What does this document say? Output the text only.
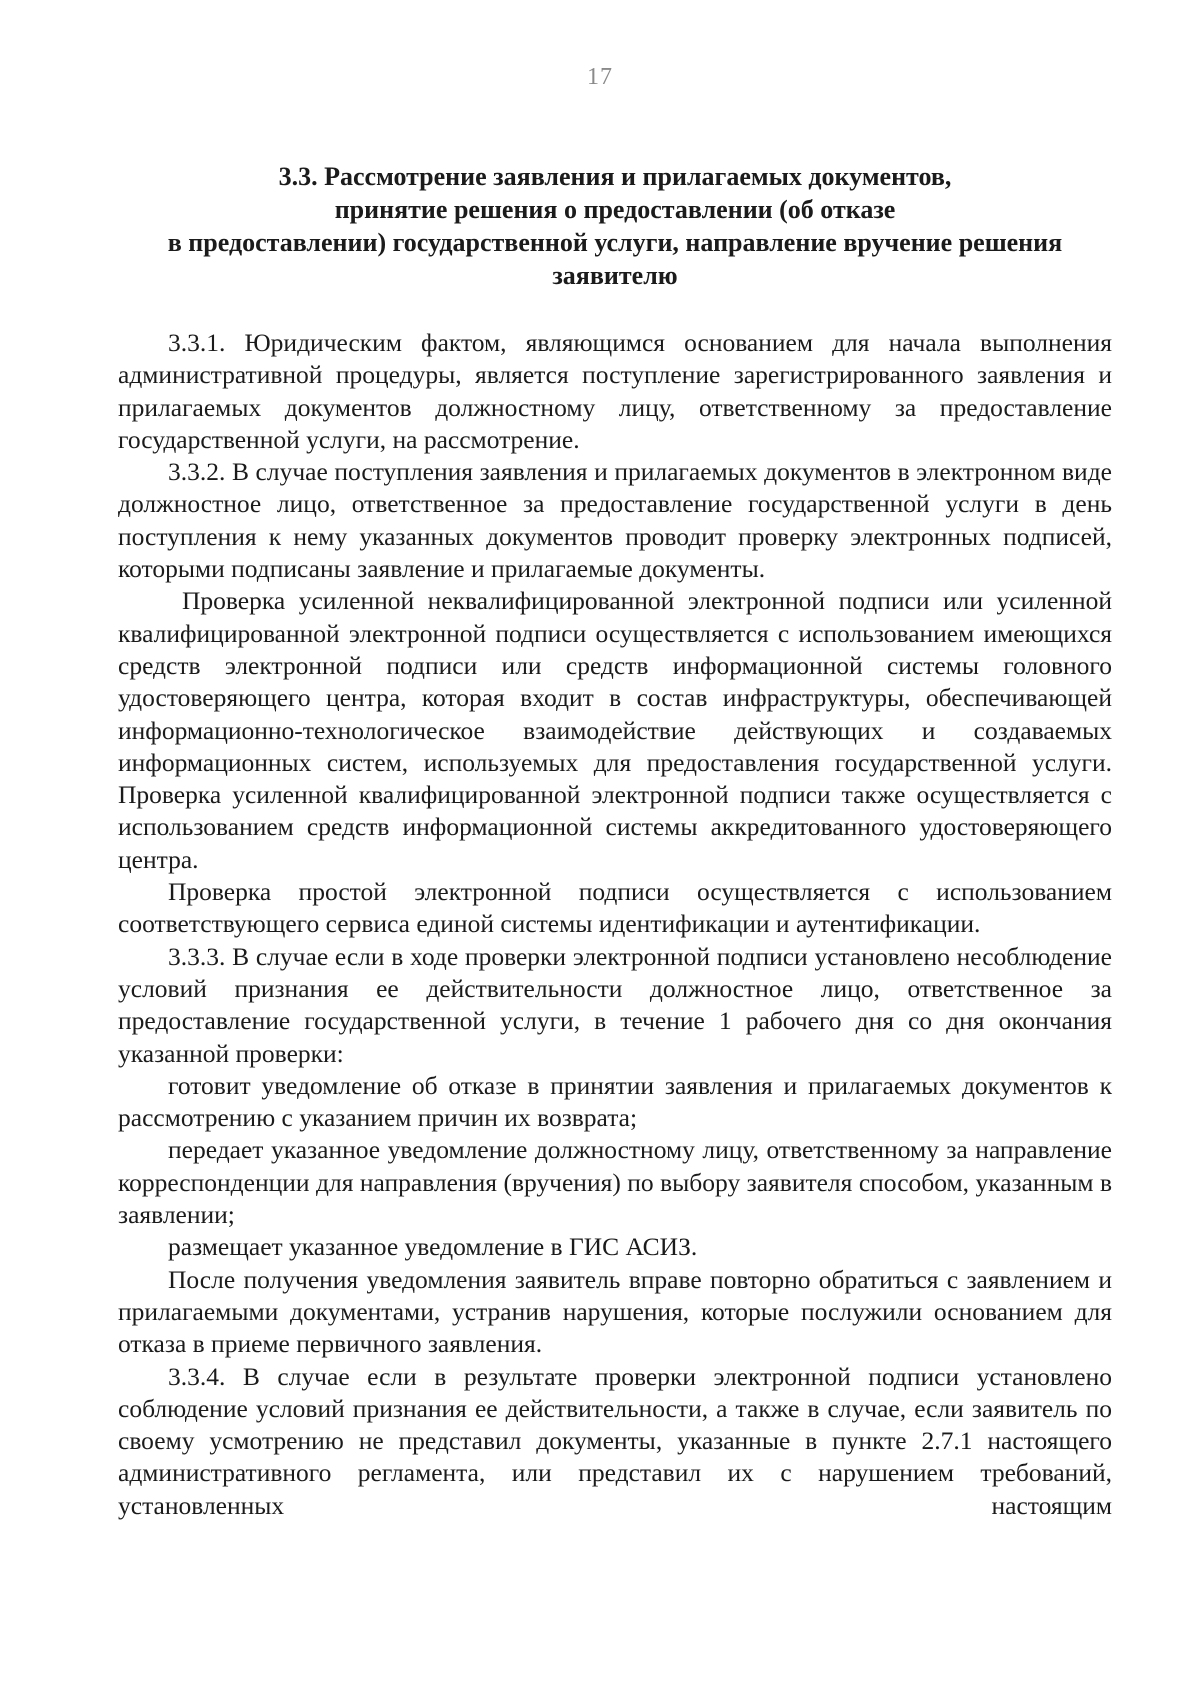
17
3.3. Рассмотрение заявления и прилагаемых документов,
принятие решения о предоставлении (об отказе
в предоставлении) государственной услуги, направление вручение решения
заявителю

3.3.1. Юридическим фактом, являющимся основанием для начала выполнения административной процедуры, является поступление зарегистрированного заявления и прилагаемых документов должностному лицу, ответственному за предоставление государственной услуги, на рассмотрение.

3.3.2. В случае поступления заявления и прилагаемых документов в электронном виде должностное лицо, ответственное за предоставление государственной услуги в день поступления к нему указанных документов проводит проверку электронных подписей, которыми подписаны заявление и прилагаемые документы.

Проверка усиленной неквалифицированной электронной подписи или усиленной квалифицированной электронной подписи осуществляется с использованием имеющихся средств электронной подписи или средств информационной системы головного удостоверяющего центра, которая входит в состав инфраструктуры, обеспечивающей информационно-технологическое взаимодействие действующих и создаваемых информационных систем, используемых для предоставления государственной услуги. Проверка усиленной квалифицированной электронной подписи также осуществляется с использованием средств информационной системы аккредитованного удостоверяющего центра.

Проверка простой электронной подписи осуществляется с использованием соответствующего сервиса единой системы идентификации и аутентификации.

3.3.3. В случае если в ходе проверки электронной подписи установлено несоблюдение условий признания ее действительности должностное лицо, ответственное за предоставление государственной услуги, в течение 1 рабочего дня со дня окончания указанной проверки:

готовит уведомление об отказе в принятии заявления и прилагаемых документов к рассмотрению с указанием причин их возврата;

передает указанное уведомление должностному лицу, ответственному за направление корреспонденции для направления (вручения) по выбору заявителя способом, указанным в заявлении;

размещает указанное уведомление в ГИС АСИЗ.

После получения уведомления заявитель вправе повторно обратиться с заявлением и прилагаемыми документами, устранив нарушения, которые послужили основанием для отказа в приеме первичного заявления.

3.3.4. В случае если в результате проверки электронной подписи установлено соблюдение условий признания ее действительности, а также в случае, если заявитель по своему усмотрению не представил документы, указанные в пункте 2.7.1 настоящего административного регламента, или представил их с нарушением требований, установленных настоящим
